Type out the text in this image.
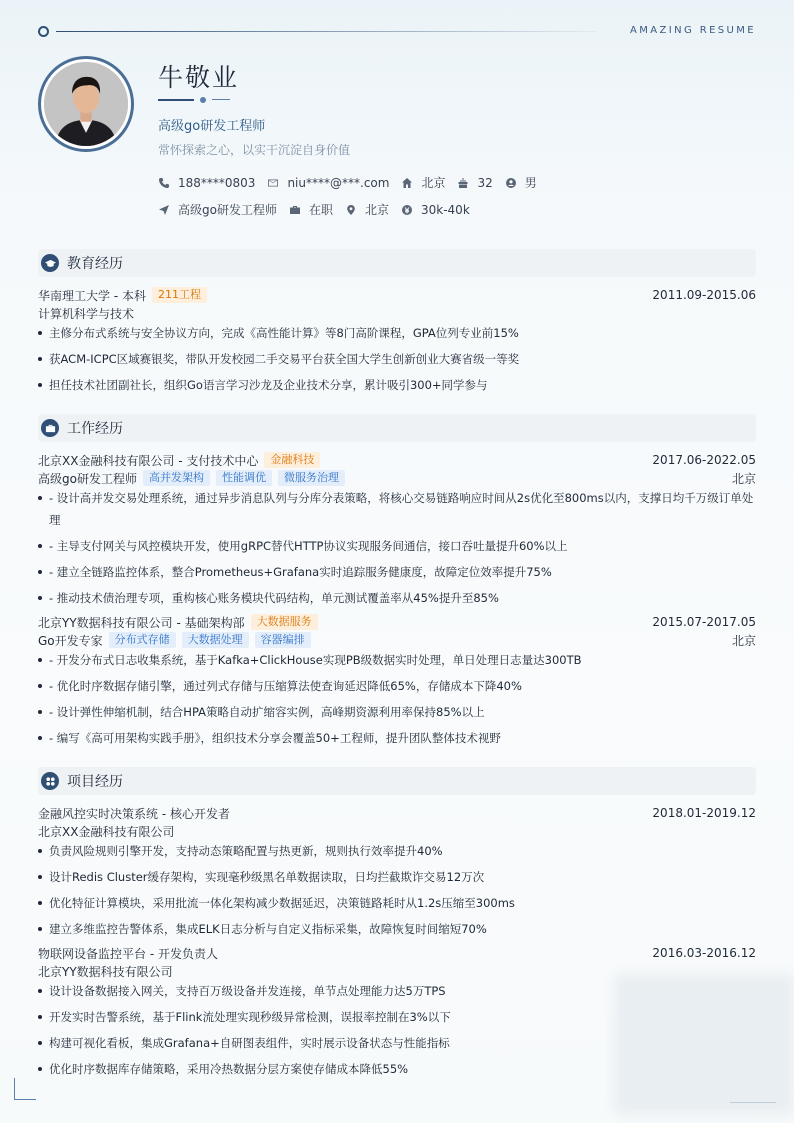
AMAZING RESUME
牛敬业
高级go研发工程师
常怀探索之心，以实干沉淀自身价值
188****0803	niu****@***.com	北京	32	男
高级go研发工程师	在职	北京	30k-40k
教育经历
华南理工大学 - 本科	211工程	2011.09-2015.06
计算机科学与技术
主修分布式系统与安全协议方向，完成《高性能计算》等8门高阶课程，GPA位列专业前15%
获ACM-ICPC区域赛银奖，带队开发校园二手交易平台获全国大学生创新创业大赛省级一等奖
担任技术社团副社长，组织Go语言学习沙龙及企业技术分享，累计吸引300+同学参与
工作经历
北京XX金融科技有限公司 - 支付技术中心	金融科技	2017.06-2022.05
高级go研发工程师	高并发架构	性能调优	微服务治理	北京
- 设计高并发交易处理系统，通过异步消息队列与分库分表策略，将核心交易链路响应时间从2s优化至800ms以内，支撑日均千万级订单处理
- 主导支付网关与风控模块开发，使用gRPC替代HTTP协议实现服务间通信，接口吞吐量提升60%以上
- 建立全链路监控体系，整合Prometheus+Grafana实时追踪服务健康度，故障定位效率提升75%
- 推动技术债治理专项，重构核心账务模块代码结构，单元测试覆盖率从45%提升至85%
北京YY数据科技有限公司 - 基础架构部	大数据服务	2015.07-2017.05
Go开发专家	分布式存储	大数据处理	容器编排	北京
- 开发分布式日志收集系统，基于Kafka+ClickHouse实现PB级数据实时处理，单日处理日志量达300TB
- 优化时序数据存储引擎，通过列式存储与压缩算法使查询延迟降低65%，存储成本下降40%
- 设计弹性伸缩机制，结合HPA策略自动扩缩容实例，高峰期资源利用率保持85%以上
- 编写《高可用架构实践手册》，组织技术分享会覆盖50+工程师，提升团队整体技术视野
项目经历
金融风控实时决策系统 - 核心开发者	2018.01-2019.12
北京XX金融科技有限公司
负责风险规则引擎开发，支持动态策略配置与热更新，规则执行效率提升40%
设计Redis Cluster缓存架构，实现毫秒级黑名单数据读取，日均拦截欺诈交易12万次
优化特征计算模块，采用批流一体化架构减少数据延迟，决策链路耗时从1.2s压缩至300ms
建立多维监控告警体系，集成ELK日志分析与自定义指标采集，故障恢复时间缩短70%
物联网设备监控平台 - 开发负责人	2016.03-2016.12
北京YY数据科技有限公司
设计设备数据接入网关，支持百万级设备并发连接，单节点处理能力达5万TPS
开发实时告警系统，基于Flink流处理实现秒级异常检测，误报率控制在3%以下
构建可视化看板，集成Grafana+自研图表组件，实时展示设备状态与性能指标
优化时序数据库存储策略，采用冷热数据分层方案使存储成本降低55%
